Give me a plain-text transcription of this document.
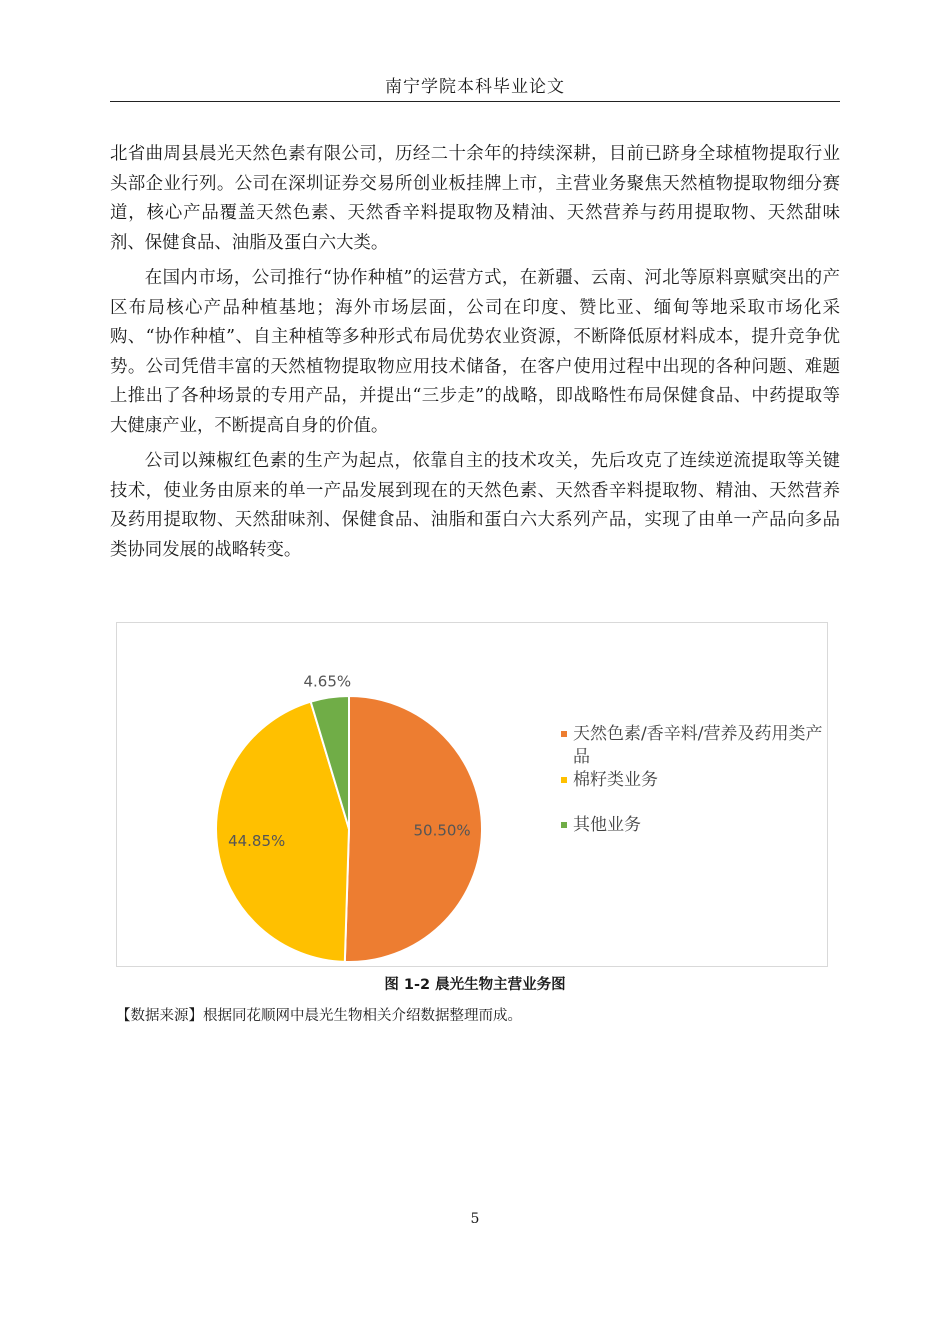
南宁学院本科毕业论文

北省曲周县晨光天然色素有限公司，历经二十余年的持续深耕，目前已跻身全球植物提取行业头部企业行列。公司在深圳证券交易所创业板挂牌上市，主营业务聚焦天然植物提取物细分赛道，核心产品覆盖天然色素、天然香辛料提取物及精油、天然营养与药用提取物、天然甜味剂、保健食品、油脂及蛋白六大类。

在国内市场，公司推行“协作种植”的运营方式，在新疆、云南、河北等原料禀赋突出的产区布局核心产品种植基地；海外市场层面，公司在印度、赞比亚、缅甸等地采取市场化采购、“协作种植”、自主种植等多种形式布局优势农业资源，不断降低原材料成本，提升竞争优势。公司凭借丰富的天然植物提取物应用技术储备，在客户使用过程中出现的各种问题、难题上推出了各种场景的专用产品，并提出“三步走”的战略，即战略性布局保健食品、中药提取等大健康产业，不断提高自身的价值。

公司以辣椒红色素的生产为起点，依靠自主的技术攻关，先后攻克了连续逆流提取等关键技术，使业务由原来的单一产品发展到现在的天然色素、天然香辛料提取物、精油、天然营养及药用提取物、天然甜味剂、保健食品、油脂和蛋白六大系列产品，实现了由单一产品向多品类协同发展的战略转变。

50.50%
44.85%
4.65%
天然色素/香辛料/营养及药用类产品
棉籽类业务
其他业务
图 1-2 晨光生物主营业务图
【数据来源】根据同花顺网中晨光生物相关介绍数据整理而成。
5
